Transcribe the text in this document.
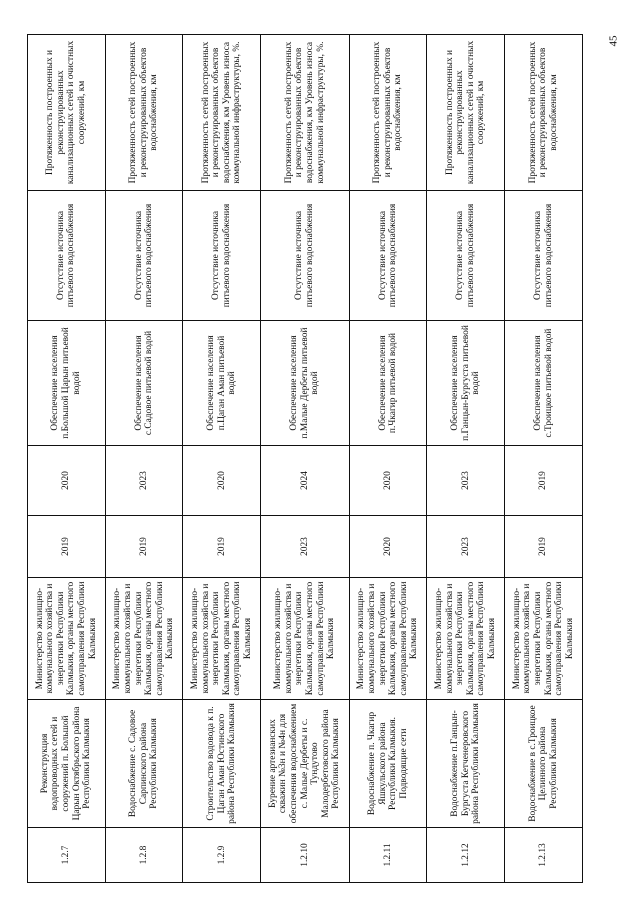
45
1.2.7	Реконструкция водопроводных сетей и сооружений п. Большой Царын Октябрьского района Республики Калмыкия	Министерство жилищно-коммунального хозяйства и энергетики Республики Калмыкия, органы местного самоуправления Республики Калмыкия	2019	2020	Обеспечение населения п.Большой Царын питьевой водой	Отсутствие источника питьевого водоснабжения	Протяженность построенных и реконструированных канализационных сетей и очистных сооружений, км
1.2.8	Водоснабжение с. Садовое Сарпинского района Республики Калмыкия	Министерство жилищно-коммунального хозяйства и энергетики Республики Калмыкия, органы местного самоуправления Республики Калмыкия	2019	2023	Обеспечение населения с.Садовое питьевой водой	Отсутствие источника питьевого водоснабжения	Протяженность сетей построенных и реконструированных объектов водоснабжения, км
1.2.9	Строительство водовода к п. Цаган Аман Юстинского района Республики Калмыкия	Министерство жилищно-коммунального хозяйства и энергетики Республики Калмыкия, органы местного самоуправления Республики Калмыкия	2019	2020	Обеспечение населения п.Цаган Аман питьевой водой	Отсутствие источника питьевого водоснабжения	Протяженность сетей построенных и реконструированных объектов водоснабжения, км Уровень износа коммунальной инфраструктуры, %.
1.2.10	Бурение артезианских скважин №3н и №4н для обеспечения водоснабжением с. Малые Дербеты и с. Тундутово Малодербетовского района Республики Калмыкия	Министерство жилищно-коммунального хозяйства и энергетики Республики Калмыкия, органы местного самоуправления Республики Калмыкия	2023	2024	Обеспечение населения п.Малые Дербеты питьевой водой	Отсутствие источника питьевого водоснабжения	Протяженность сетей построенных и реконструированных объектов водоснабжения, км Уровень износа коммунальной инфраструктуры, %.
1.2.11	Водоснабжение п. Чкагир Яшкульского района Республики Калмыкия. Подводящие сети	Министерство жилищно-коммунального хозяйства и энергетики Республики Калмыкия, органы местного самоуправления Республики Калмыкия	2020	2020	Обеспечение населения п.Чкагир питьевой водой	Отсутствие источника питьевого водоснабжения	Протяженность сетей построенных и реконструированных объектов водоснабжения, км
1.2.12	Водоснабжение п.Ганцын-Бургуста Кетченеровского района Республики Калмыкия	Министерство жилищно-коммунального хозяйства и энергетики Республики Калмыкия, органы местного самоуправления Республики Калмыкия	2023	2023	Обеспечение населения п.Ганцын-Бургуста питьевой водой	Отсутствие источника питьевого водоснабжения	Протяженность построенных и реконструированных канализационных сетей и очистных сооружений, км
1.2.13	Водоснабжение в с.Троицкое Целинного района Республики Калмыкия	Министерство жилищно-коммунального хозяйства и энергетики Республики Калмыкия, органы местного самоуправления Республики Калмыкия	2019	2019	Обеспечение населения с.Троицкое питьевой водой	Отсутствие источника питьевого водоснабжения	Протяженность сетей построенных и реконструированных объектов водоснабжения, км
